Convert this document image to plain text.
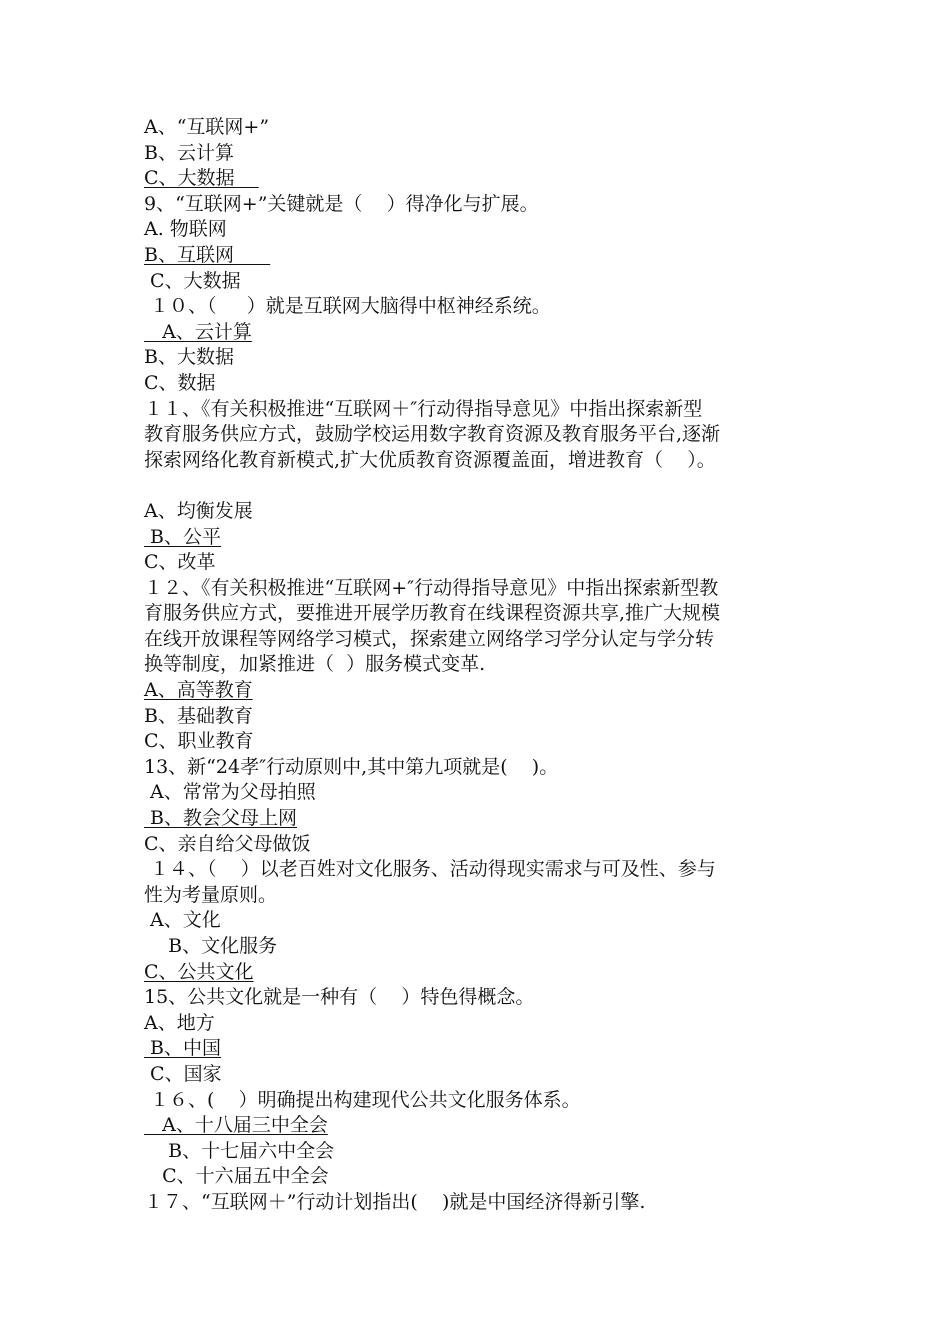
A、“互联网+”

B、云计算

C、大数据

9、“互联网+”关键就是（    ）得净化与扩展。

A. 物联网

B、互联网

C、大数据

１０、（     ）就是互联网大脑得中枢神经系统。

A、云计算

B、大数据

C、数据

１１、《有关积极推进“互联网＋″行动得指导意见》中指出探索新型

教育服务供应方式，鼓励学校运用数字教育资源及教育服务平台,逐渐

探索网络化教育新模式,扩大优质教育资源覆盖面，增进教育（    ）。

A、均衡发展

B、公平

C、改革

１２、《有关积极推进“互联网+″行动得指导意见》中指出探索新型教

育服务供应方式，要推进开展学历教育在线课程资源共享,推广大规模

在线开放课程等网络学习模式，探索建立网络学习学分认定与学分转

换等制度，加紧推进（  ）服务模式变革.

A、高等教育

B、基础教育

C、职业教育

13、新“24孝″行动原则中,其中第九项就是(    )。

A、常常为父母拍照

B、教会父母上网

C、亲自给父母做饭

１４、（    ）以老百姓对文化服务、活动得现实需求与可及性、参与

性为考量原则。

A、文化

B、文化服务

C、公共文化

15、公共文化就是一种有（    ）特色得概念。

A、地方

B、中国

C、国家

１６、(    ）明确提出构建现代公共文化服务体系。

A、十八届三中全会

B、十七届六中全会

C、十六届五中全会

１７、“互联网＋”行动计划指出(    )就是中国经济得新引擎.
